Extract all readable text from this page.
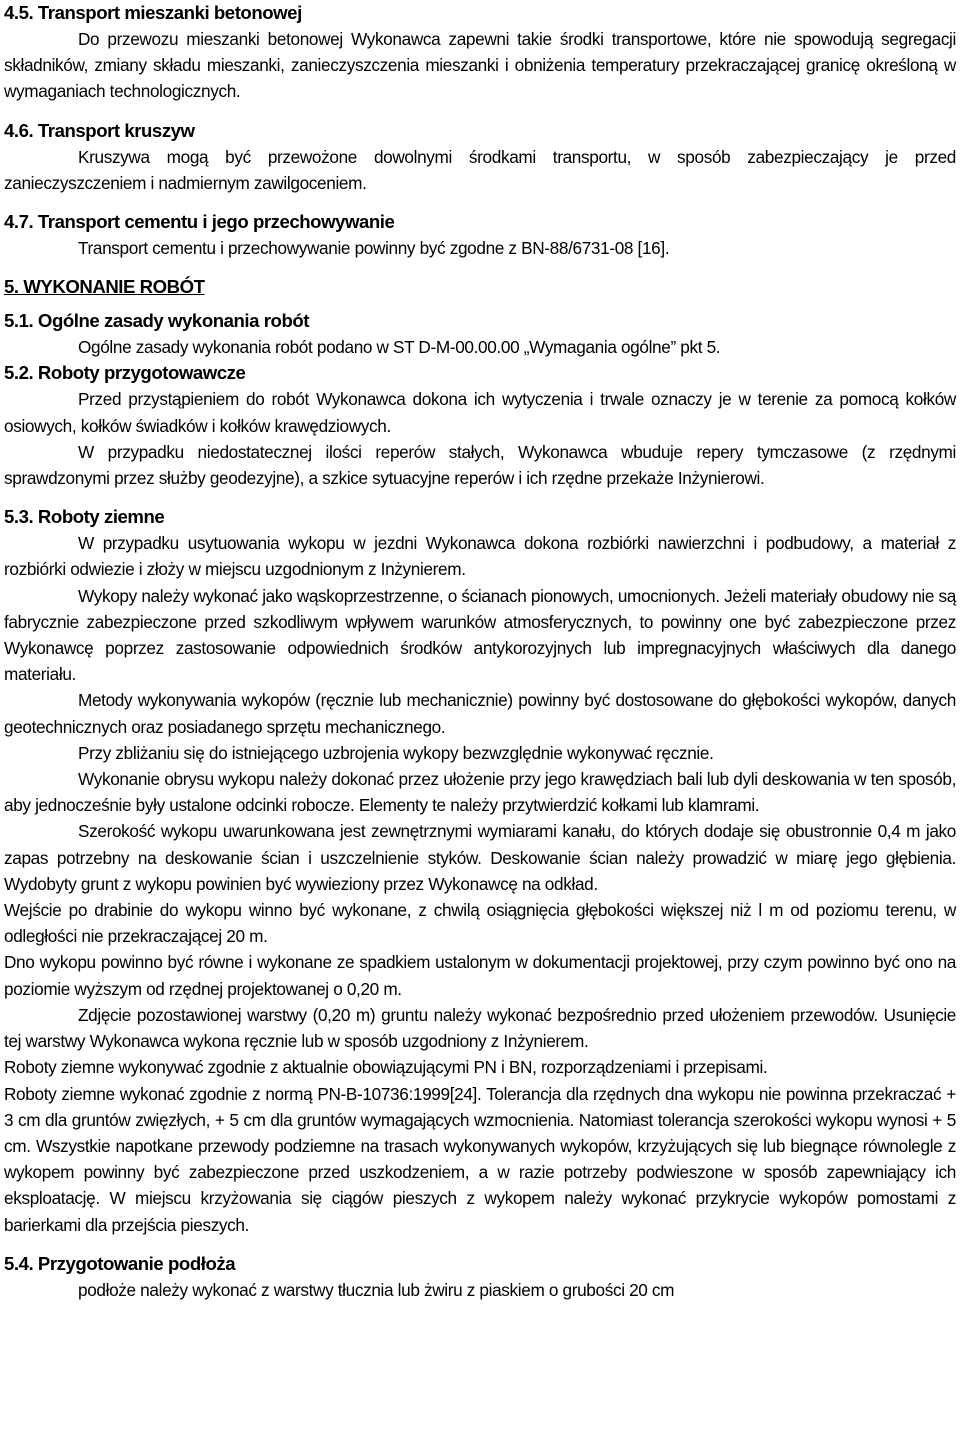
4.5. Transport mieszanki betonowej

Do przewozu mieszanki betonowej Wykonawca zapewni takie środki transportowe, które nie spowodują segregacji składników, zmiany składu mieszanki, zanieczyszczenia mieszanki i obniżenia temperatury przekraczającej granicę określoną w wymaganiach technologicznych.

4.6. Transport kruszyw

Kruszywa mogą być przewożone dowolnymi środkami transportu, w sposób zabezpieczający je przed zanieczyszczeniem i nadmiernym zawilgoceniem.

4.7. Transport cementu i jego przechowywanie

Transport cementu i przechowywanie powinny być zgodne z BN-88/6731-08 [16].

5. WYKONANIE ROBÓT
5.1. Ogólne zasady wykonania robót

Ogólne zasady wykonania robót podano w ST D-M-00.00.00 „Wymagania ogólne” pkt 5.

5.2. Roboty przygotowawcze

Przed przystąpieniem do robót Wykonawca dokona ich wytyczenia i trwale oznaczy je w terenie za pomocą kołków osiowych, kołków świadków i kołków krawędziowych.

W przypadku niedostatecznej ilości reperów stałych, Wykonawca wbuduje repery tymczasowe (z rzędnymi sprawdzonymi przez służby geodezyjne), a szkice sytuacyjne reperów i ich rzędne przekaże Inżynierowi.

5.3. Roboty ziemne

W przypadku usytuowania wykopu w jezdni Wykonawca dokona rozbiórki nawierzchni i podbudowy, a materiał z rozbiórki odwiezie i złoży w miejscu uzgodnionym z Inżynierem.

Wykopy należy wykonać jako wąskoprzestrzenne, o ścianach pionowych, umocnionych. Jeżeli materiały obudowy nie są fabrycznie zabezpieczone przed szkodliwym wpływem warunków atmosferycznych, to powinny one być zabezpieczone przez Wykonawcę poprzez zastosowanie odpowiednich środków antykorozyjnych lub impregnacyjnych właściwych dla danego materiału.

Metody wykonywania wykopów (ręcznie lub mechanicznie) powinny być dostosowane do głębokości wykopów, danych geotechnicznych oraz posiadanego sprzętu mechanicznego.

Przy zbliżaniu się do istniejącego uzbrojenia wykopy bezwzględnie wykonywać ręcznie.

Wykonanie obrysu wykopu należy dokonać przez ułożenie przy jego krawędziach bali lub dyli deskowania w ten sposób, aby jednocześnie były ustalone odcinki robocze. Elementy te należy przytwierdzić kołkami lub klamrami.

Szerokość wykopu uwarunkowana jest zewnętrznymi wymiarami kanału, do których dodaje się obustronnie 0,4 m jako zapas potrzebny na deskowanie ścian i uszczelnienie styków. Deskowanie ścian należy prowadzić w miarę jego głębienia. Wydobyty grunt z wykopu powinien być wywieziony przez Wykonawcę na odkład.

Wejście po drabinie do wykopu winno być wykonane, z chwilą osiągnięcia głębokości większej niż l m od poziomu terenu, w odległości nie przekraczającej 20 m.

Dno wykopu powinno być równe i wykonane ze spadkiem ustalonym w dokumentacji projektowej, przy czym powinno być ono na poziomie wyższym od rzędnej projektowanej o 0,20 m.

Zdjęcie pozostawionej warstwy (0,20 m) gruntu należy wykonać bezpośrednio przed ułożeniem przewodów. Usunięcie tej warstwy Wykonawca wykona ręcznie lub w sposób uzgodniony z Inżynierem.

Roboty ziemne wykonywać zgodnie z aktualnie obowiązującymi PN i BN, rozporządzeniami i przepisami.

Roboty ziemne wykonać zgodnie z normą PN-B-10736:1999[24]. Tolerancja dla rzędnych dna wykopu nie powinna przekraczać + 3 cm dla gruntów zwięzłych, + 5 cm dla gruntów wymagających wzmocnienia. Natomiast tolerancja szerokości wykopu wynosi + 5 cm. Wszystkie napotkane przewody podziemne na trasach wykonywanych wykopów, krzyżujących się lub biegnące równolegle z wykopem powinny być zabezpieczone przed uszkodzeniem, a w razie potrzeby podwieszone w sposób zapewniający ich eksploatację. W miejscu krzyżowania się ciągów pieszych z wykopem należy wykonać przykrycie wykopów pomostami z barierkami dla przejścia pieszych.

5.4. Przygotowanie podłoża

podłoże należy wykonać z warstwy tłucznia lub żwiru z piaskiem o grubości 20 cm
